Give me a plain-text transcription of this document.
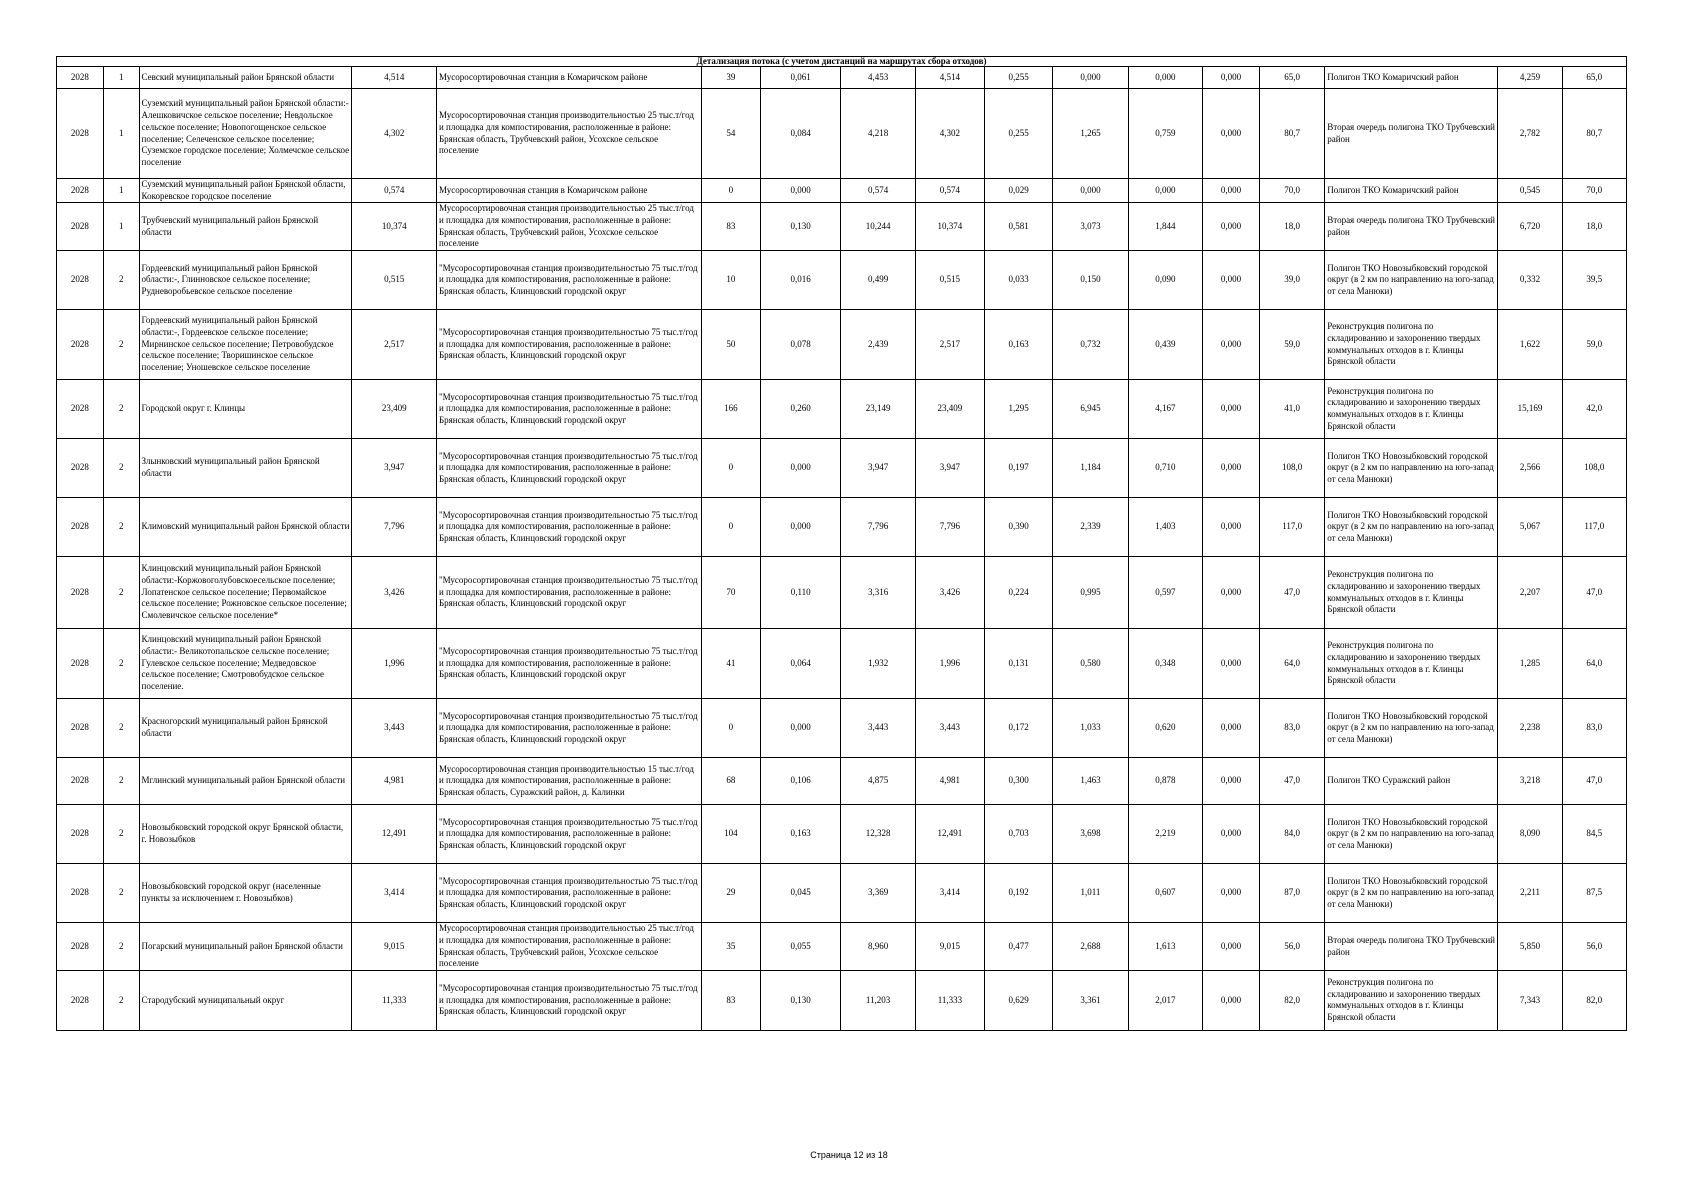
Детализация потока (с учетом дистанций на маршрутах сбора отходов)																
2028	1	Севский муниципальный район Брянской области	4,514	Мусоросортировочная станция в Комаричском районе	39	0,061	4,453	4,514	0,255	0,000	0,000	0,000	65,0	Полигон ТКО Комаричский район	4,259	65,0
2028	1	Суземский муниципальный район Брянской области:- Алешковичское сельское поселение; Невдольское сельское поселение; Новопогощенское сельское поселение; Селеченское сельское поселение; Суземское городское поселение; Холмечское сельское поселение	4,302	Мусоросортировочная станция производительностью 25 тыс.т/год и площадка для компостирования, расположенные в районе: Брянская область, Трубчевский район, Усохское сельское поселение	54	0,084	4,218	4,302	0,255	1,265	0,759	0,000	80,7	Вторая очередь полигона ТКО Трубчевский район	2,782	80,7
2028	1	Суземский муниципальный район Брянской области, Кокоревское городское поселение	0,574	Мусоросортировочная станция в Комаричском районе	0	0,000	0,574	0,574	0,029	0,000	0,000	0,000	70,0	Полигон ТКО Комаричский район	0,545	70,0
2028	1	Трубчевский муниципальный район Брянской области	10,374	Мусоросортировочная станция производительностью 25 тыс.т/год и площадка для компостирования, расположенные в районе: Брянская область, Трубчевский район, Усохское сельское поселение	83	0,130	10,244	10,374	0,581	3,073	1,844	0,000	18,0	Вторая очередь полигона ТКО Трубчевский район	6,720	18,0
2028	2	Гордеевский муниципальный район Брянской области:-, Глинновское сельское поселение; Рудневоробьевское сельское поселение	0,515	"Мусоросортировочная станция производительностью 75 тыс.т/год и площадка для компостирования, расположенные в районе: Брянская область, Клинцовский городской округ	10	0,016	0,499	0,515	0,033	0,150	0,090	0,000	39,0	Полигон ТКО Новозыбковский городской округ (в 2 км по направлению на юго-запад от села Манюки)	0,332	39,5
2028	2	Гордеевский муниципальный район Брянской области:-, Гордеевское сельское поселение; Мирнинское сельское поселение; Петровобудское сельское поселение; Творишинское сельское поселение; Уношевское сельское поселение	2,517	"Мусоросортировочная станция производительностью 75 тыс.т/год и площадка для компостирования, расположенные в районе: Брянская область, Клинцовский городской округ	50	0,078	2,439	2,517	0,163	0,732	0,439	0,000	59,0	Реконструкция полигона по складированию и захоронению твердых коммунальных отходов в г. Клинцы Брянской области	1,622	59,0
2028	2	Городской округ г. Клинцы	23,409	"Мусоросортировочная станция производительностью 75 тыс.т/год и площадка для компостирования, расположенные в районе: Брянская область, Клинцовский городской округ	166	0,260	23,149	23,409	1,295	6,945	4,167	0,000	41,0	Реконструкция полигона по складированию и захоронению твердых коммунальных отходов в г. Клинцы Брянской области	15,169	42,0
2028	2	Злынковский муниципальный район Брянской области	3,947	"Мусоросортировочная станция производительностью 75 тыс.т/год и площадка для компостирования, расположенные в районе: Брянская область, Клинцовский городской округ	0	0,000	3,947	3,947	0,197	1,184	0,710	0,000	108,0	Полигон ТКО Новозыбковский городской округ (в 2 км по направлению на юго-запад от села Манюки)	2,566	108,0
2028	2	Климовский муниципальный район Брянской области	7,796	"Мусоросортировочная станция производительностью 75 тыс.т/год и площадка для компостирования, расположенные в районе: Брянская область, Клинцовский городской округ	0	0,000	7,796	7,796	0,390	2,339	1,403	0,000	117,0	Полигон ТКО Новозыбковский городской округ (в 2 км по направлению на юго-запад от села Манюки)	5,067	117,0
2028	2	Клинцовский муниципальный район Брянской области:-Коржовоголубовскоесельское поселение; Лопатенское сельское поселение; Первомайское сельское поселение; Рожновское сельское поселение; Смолевичское сельское поселение*	3,426	"Мусоросортировочная станция производительностью 75 тыс.т/год и площадка для компостирования, расположенные в районе: Брянская область, Клинцовский городской округ	70	0,110	3,316	3,426	0,224	0,995	0,597	0,000	47,0	Реконструкция полигона по складированию и захоронению твердых коммунальных отходов в г. Клинцы Брянской области	2,207	47,0
2028	2	Клинцовский муниципальный район Брянской области:- Великотопальское сельское поселение; Гулевское сельское поселение; Медведовское сельское поселение; Смотровобудское сельское поселение.	1,996	"Мусоросортировочная станция производительностью 75 тыс.т/год и площадка для компостирования, расположенные в районе: Брянская область, Клинцовский городской округ	41	0,064	1,932	1,996	0,131	0,580	0,348	0,000	64,0	Реконструкция полигона по складированию и захоронению твердых коммунальных отходов в г. Клинцы Брянской области	1,285	64,0
2028	2	Красногорский муниципальный район Брянской области	3,443	"Мусоросортировочная станция производительностью 75 тыс.т/год и площадка для компостирования, расположенные в районе: Брянская область, Клинцовский городской округ	0	0,000	3,443	3,443	0,172	1,033	0,620	0,000	83,0	Полигон ТКО Новозыбковский городской округ (в 2 км по направлению на юго-запад от села Манюки)	2,238	83,0
2028	2	Мглинский муниципальный район Брянской области	4,981	Мусоросортировочная станция производительностью 15 тыс.т/год и площадка для компостирования, расположенные в районе: Брянская область, Суражский район, д. Калинки	68	0,106	4,875	4,981	0,300	1,463	0,878	0,000	47,0	Полигон ТКО Суражский район	3,218	47,0
2028	2	Новозыбковский городской округ Брянской области, г. Новозыбков	12,491	"Мусоросортировочная станция производительностью 75 тыс.т/год и площадка для компостирования, расположенные в районе: Брянская область, Клинцовский городской округ	104	0,163	12,328	12,491	0,703	3,698	2,219	0,000	84,0	Полигон ТКО Новозыбковский городской округ (в 2 км по направлению на юго-запад от села Манюки)	8,090	84,5
2028	2	Новозыбковский городской округ (населенные пункты за исключением г. Новозыбков)	3,414	"Мусоросортировочная станция производительностью 75 тыс.т/год и площадка для компостирования, расположенные в районе: Брянская область, Клинцовский городской округ	29	0,045	3,369	3,414	0,192	1,011	0,607	0,000	87,0	Полигон ТКО Новозыбковский городской округ (в 2 км по направлению на юго-запад от села Манюки)	2,211	87,5
2028	2	Погарский муниципальный район Брянской области	9,015	Мусоросортировочная станция производительностью 25 тыс.т/год и площадка для компостирования, расположенные в районе: Брянская область, Трубчевский район, Усохское сельское поселение	35	0,055	8,960	9,015	0,477	2,688	1,613	0,000	56,0	Вторая очередь полигона ТКО Трубчевский район	5,850	56,0
2028	2	Стародубский муниципальный округ	11,333	"Мусоросортировочная станция производительностью 75 тыс.т/год и площадка для компостирования, расположенные в районе: Брянская область, Клинцовский городской округ	83	0,130	11,203	11,333	0,629	3,361	2,017	0,000	82,0	Реконструкция полигона по складированию и захоронению твердых коммунальных отходов в г. Клинцы Брянской области	7,343	82,0
Страница 12 из 18
